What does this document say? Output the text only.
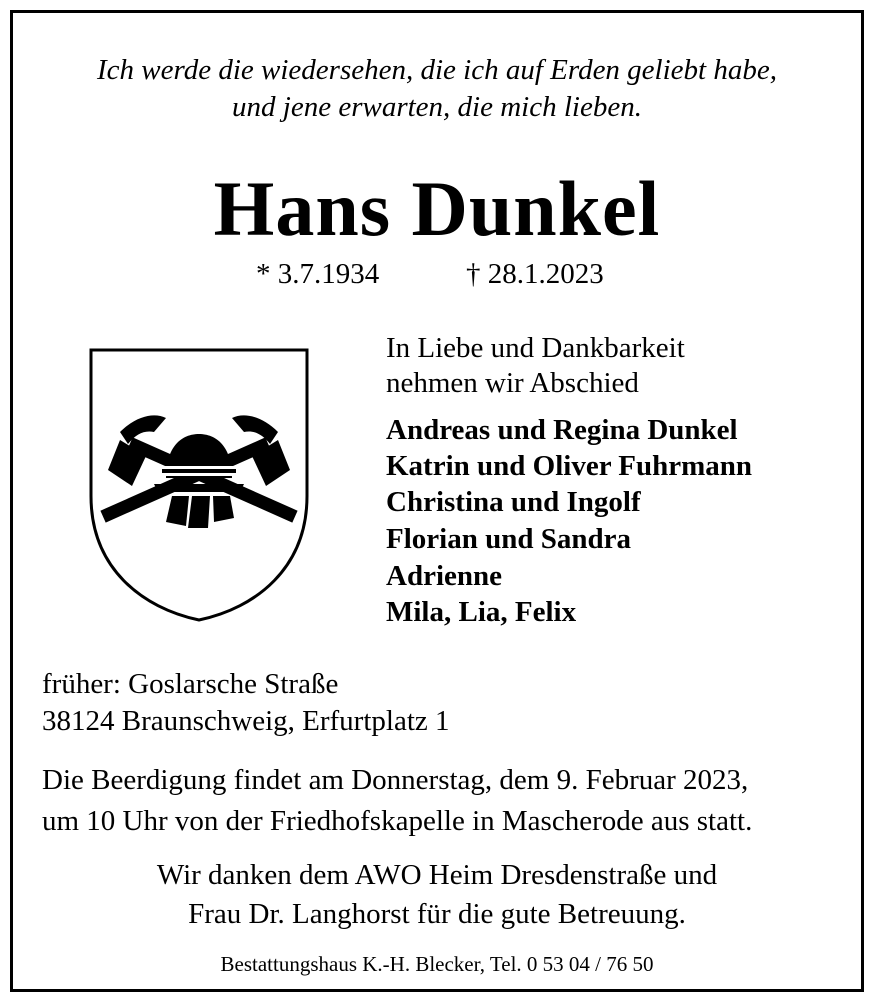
Ich werde die wiedersehen, die ich auf Erden geliebt habe,
und jene erwarten, die mich lieben.
Hans Dunkel
* 3.7.1934	† 28.1.2023
In Liebe und Dankbarkeit
nehmen wir Abschied
Andreas und Regina Dunkel
Katrin und Oliver Fuhrmann
Christina und Ingolf
Florian und Sandra
Adrienne
Mila, Lia, Felix
früher: Goslarsche Straße
38124 Braunschweig, Erfurtplatz 1
Die Beerdigung findet am Donnerstag, dem 9. Februar 2023,
um 10 Uhr von der Friedhofskapelle in Mascherode aus statt.
Wir danken dem AWO Heim Dresdenstraße und
Frau Dr. Langhorst für die gute Betreuung.
Bestattungshaus K.-H. Blecker, Tel. 0 53 04 / 76 50
